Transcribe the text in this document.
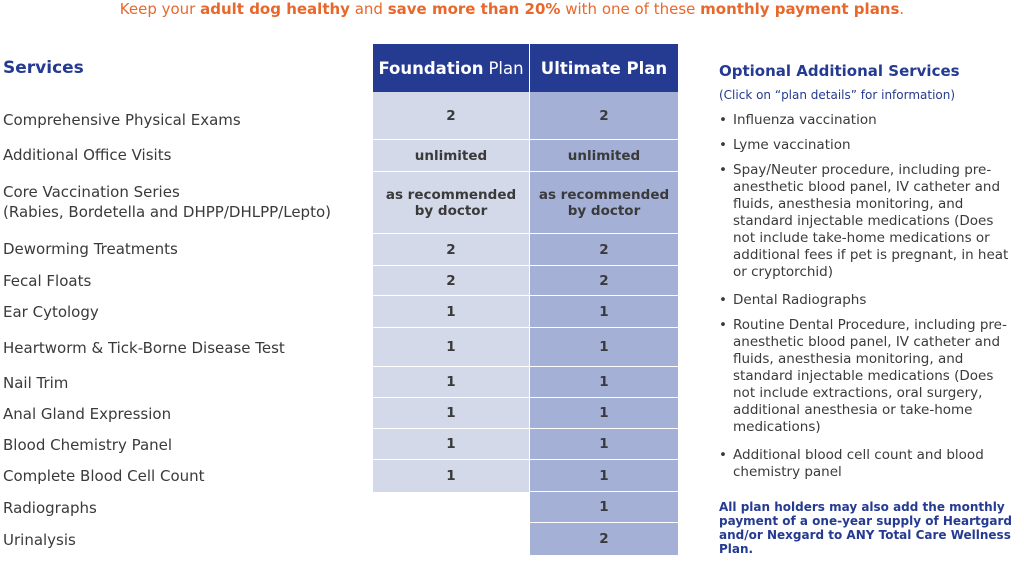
Keep your adult dog healthy and save more than 20% with one of these monthly payment plans.
Services
Comprehensive Physical Exams
Additional Office Visits
Core Vaccination Series
(Rabies, Bordetella and DHPP/DHLPP/Lepto)
Deworming Treatments
Fecal Floats
Ear Cytology
Heartworm & Tick-Borne Disease Test
Nail Trim
Anal Gland Expression
Blood Chemistry Panel
Complete Blood Cell Count
Radiographs
Urinalysis
Foundation Plan Ultimate Plan
2
unlimited
as recommended
by doctor
2
2
1
1
1
1
1
1
2
unlimited
as recommended
by doctor
2
2
1
1
1
1
1
1
1
2
Optional Additional Services
(Click on “plan details” for information)
• Influenza vaccination
• Lyme vaccination
• Spay/Neuter procedure, including pre-anesthetic blood panel, IV catheter and fluids, anesthesia monitoring, and standard injectable medications (Does not include take-home medications or additional fees if pet is pregnant, in heat or cryptorchid)
• Dental Radiographs
• Routine Dental Procedure, including pre-anesthetic blood panel, IV catheter and fluids, anesthesia monitoring, and standard injectable medications (Does not include extractions, oral surgery, additional anesthesia or take-home medications)
• Additional blood cell count and blood chemistry panel
All plan holders may also add the monthly payment of a one-year supply of Heartgard and/or Nexgard to ANY Total Care Wellness Plan.
